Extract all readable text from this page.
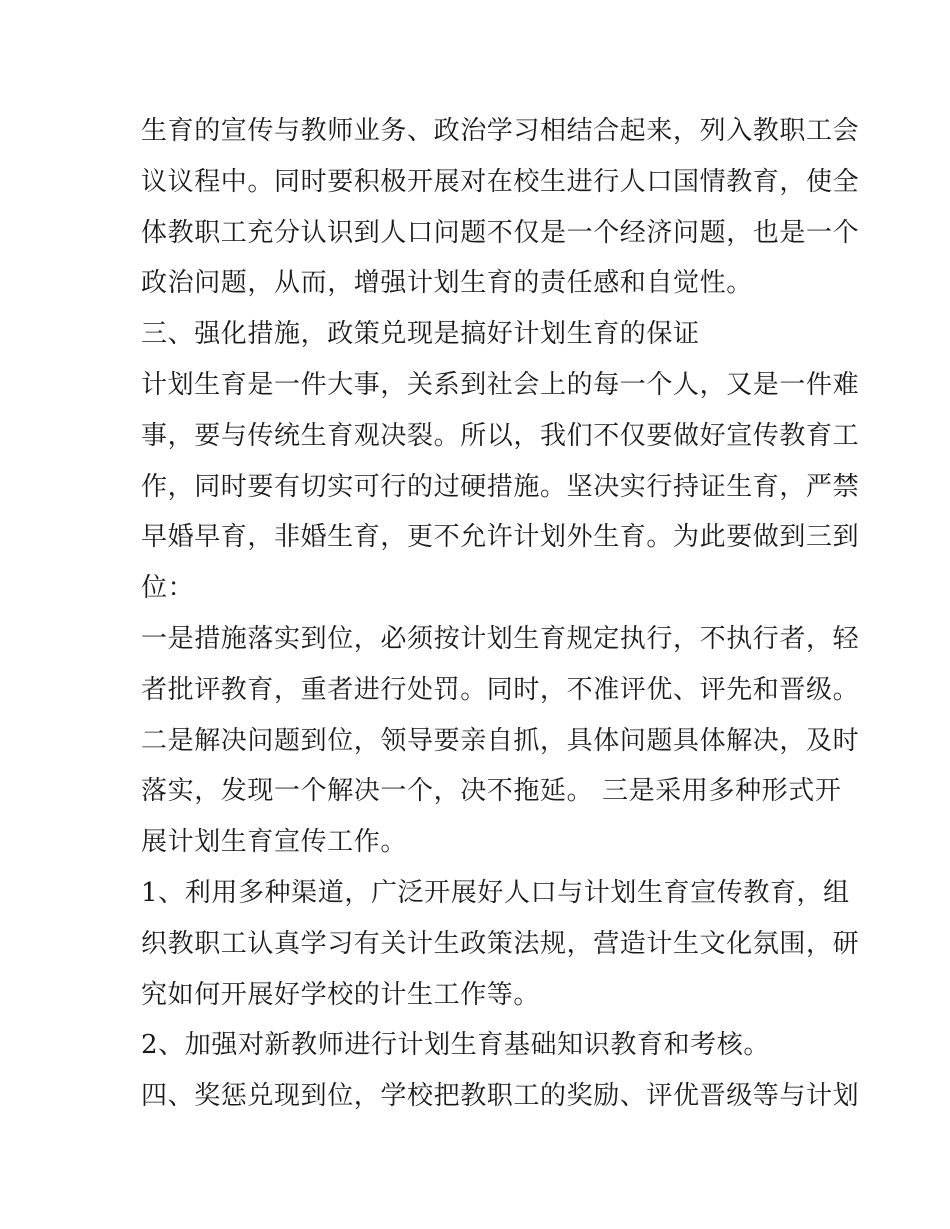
生育的宣传与教师业务、政治学习相结合起来，列入教职工会
议议程中。同时要积极开展对在校生进行人口国情教育，使全
体教职工充分认识到人口问题不仅是一个经济问题，也是一个
政治问题，从而，增强计划生育的责任感和自觉性。
三、强化措施，政策兑现是搞好计划生育的保证
计划生育是一件大事，关系到社会上的每一个人，又是一件难
事，要与传统生育观决裂。所以，我们不仅要做好宣传教育工
作，同时要有切实可行的过硬措施。坚决实行持证生育，严禁
早婚早育，非婚生育，更不允许计划外生育。为此要做到三到
位：
一是措施落实到位，必须按计划生育规定执行，不执行者，轻
者批评教育，重者进行处罚。同时，不准评优、评先和晋级。
二是解决问题到位，领导要亲自抓，具体问题具体解决，及时
落实，发现一个解决一个，决不拖延。 三是采用多种形式开
展计划生育宣传工作。
1、利用多种渠道，广泛开展好人口与计划生育宣传教育，组
织教职工认真学习有关计生政策法规，营造计生文化氛围，研
究如何开展好学校的计生工作等。
2、加强对新教师进行计划生育基础知识教育和考核。
四、奖惩兑现到位，学校把教职工的奖励、评优晋级等与计划
